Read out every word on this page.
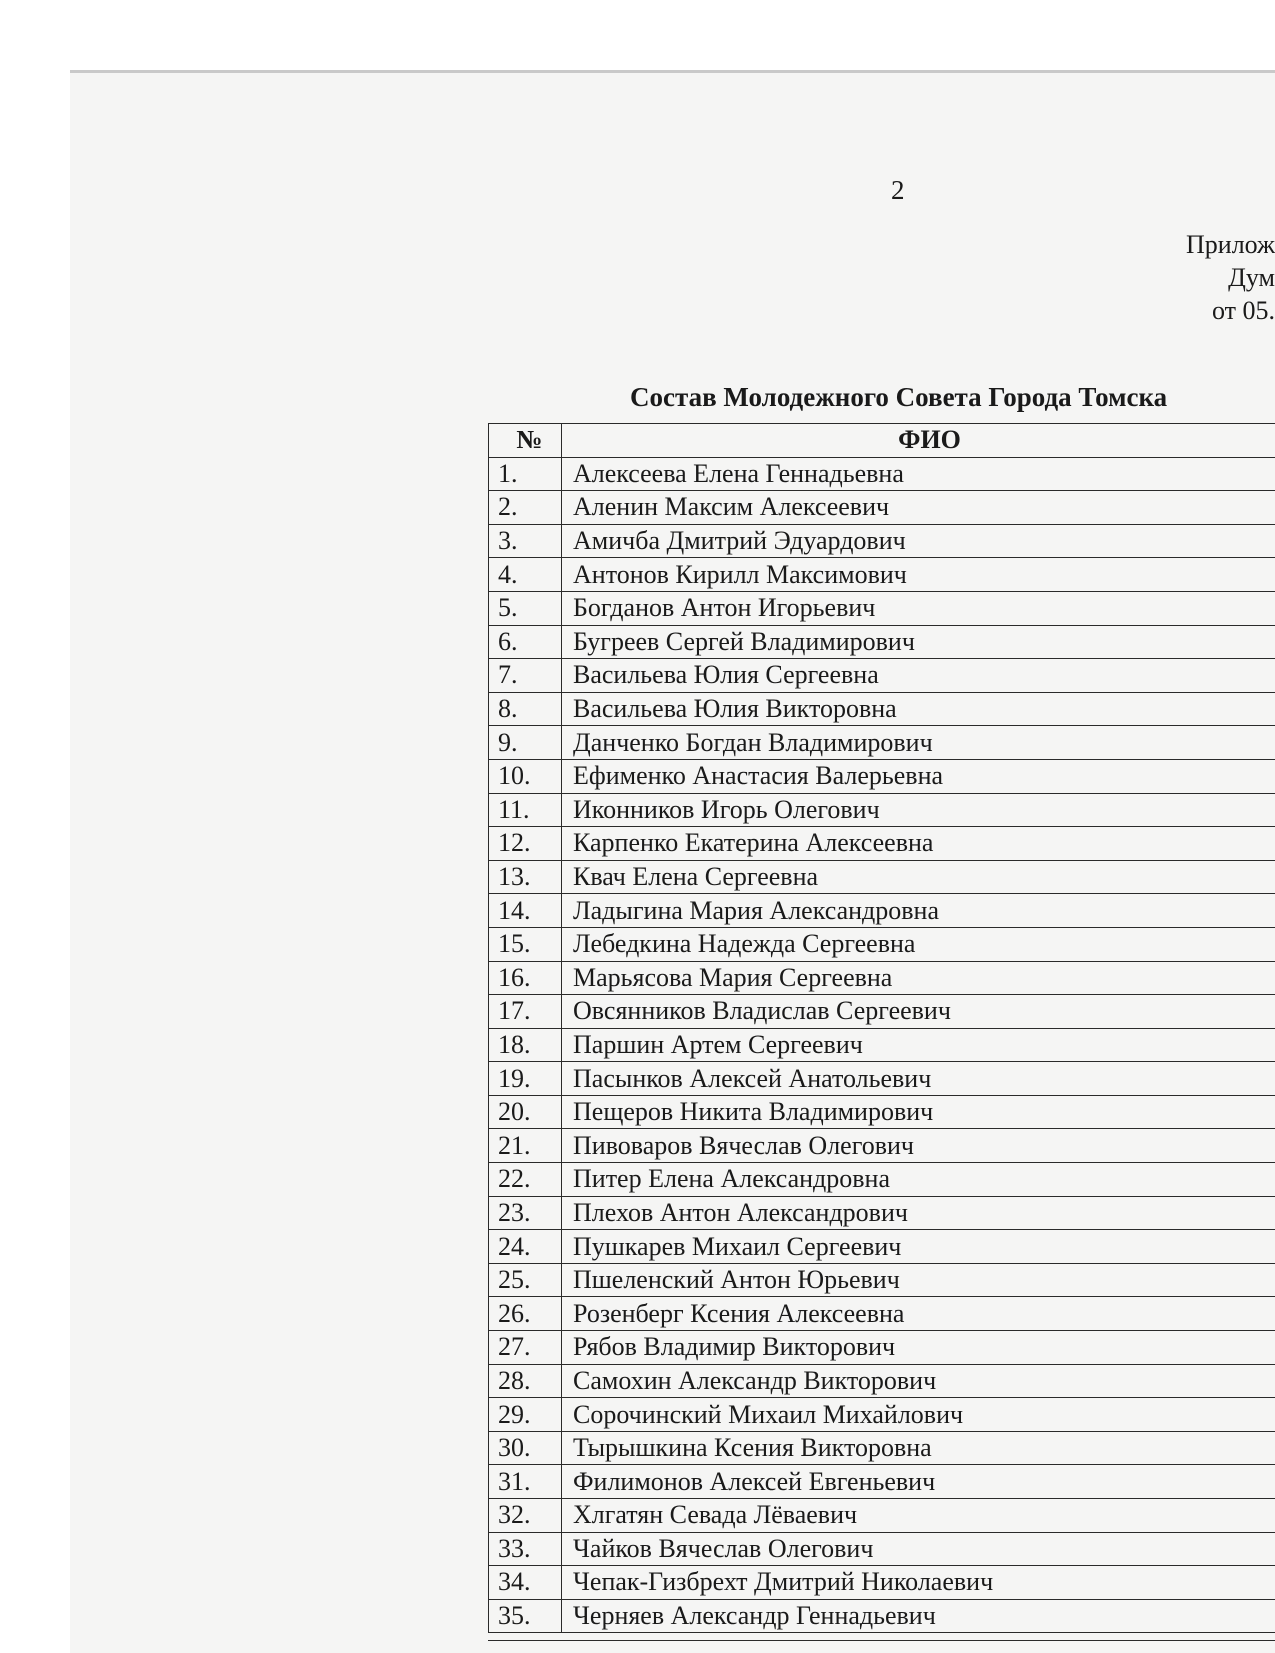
2
Прилож
Дум
от 05.
Состав Молодежного Совета Города Томска
№	ФИО
1.	Алексеева Елена Геннадьевна
2.	Аленин Максим Алексеевич
3.	Амичба Дмитрий Эдуардович
4.	Антонов Кирилл Максимович
5.	Богданов Антон Игорьевич
6.	Бугреев Сергей Владимирович
7.	Васильева Юлия Сергеевна
8.	Васильева Юлия Викторовна
9.	Данченко Богдан Владимирович
10.	Ефименко Анастасия Валерьевна
11.	Иконников Игорь Олегович
12.	Карпенко Екатерина Алексеевна
13.	Квач Елена Сергеевна
14.	Ладыгина Мария Александровна
15.	Лебедкина Надежда Сергеевна
16.	Марьясова Мария Сергеевна
17.	Овсянников Владислав Сергеевич
18.	Паршин Артем Сергеевич
19.	Пасынков Алексей Анатольевич
20.	Пещеров Никита Владимирович
21.	Пивоваров Вячеслав Олегович
22.	Питер Елена Александровна
23.	Плехов Антон Александрович
24.	Пушкарев Михаил Сергеевич
25.	Пшеленский Антон Юрьевич
26.	Розенберг Ксения Алексеевна
27.	Рябов Владимир Викторович
28.	Самохин Александр Викторович
29.	Сорочинский Михаил Михайлович
30.	Тырышкина Ксения Викторовна
31.	Филимонов Алексей Евгеньевич
32.	Хлгатян Севада Лёваевич
33.	Чайков Вячеслав Олегович
34.	Чепак-Гизбрехт Дмитрий Николаевич
35.	Черняев Александр Геннадьевич
